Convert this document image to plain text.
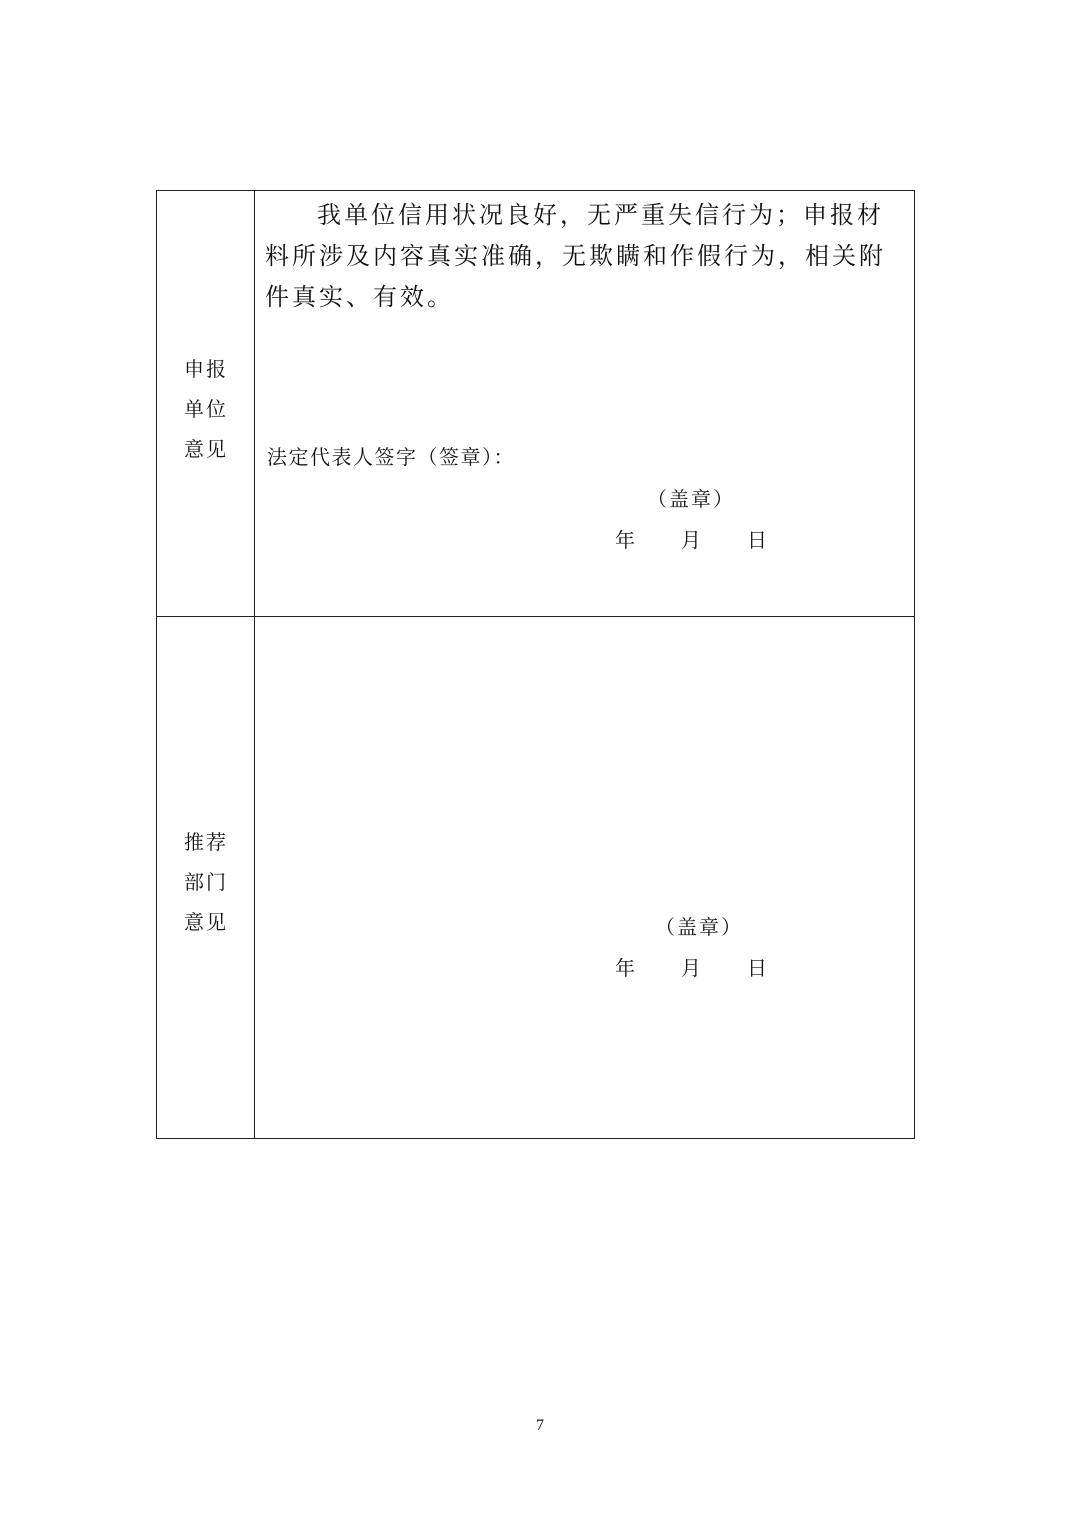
申报
单位
意见

我单位信用状况良好，无严重失信行为；申报材料所涉及内容真实准确，无欺瞒和作假行为，相关附件真实、有效。

法定代表人签字（签章）：
（盖章）
年 月 日
推荐
部门
意见	（盖章）
年 月 日
7
